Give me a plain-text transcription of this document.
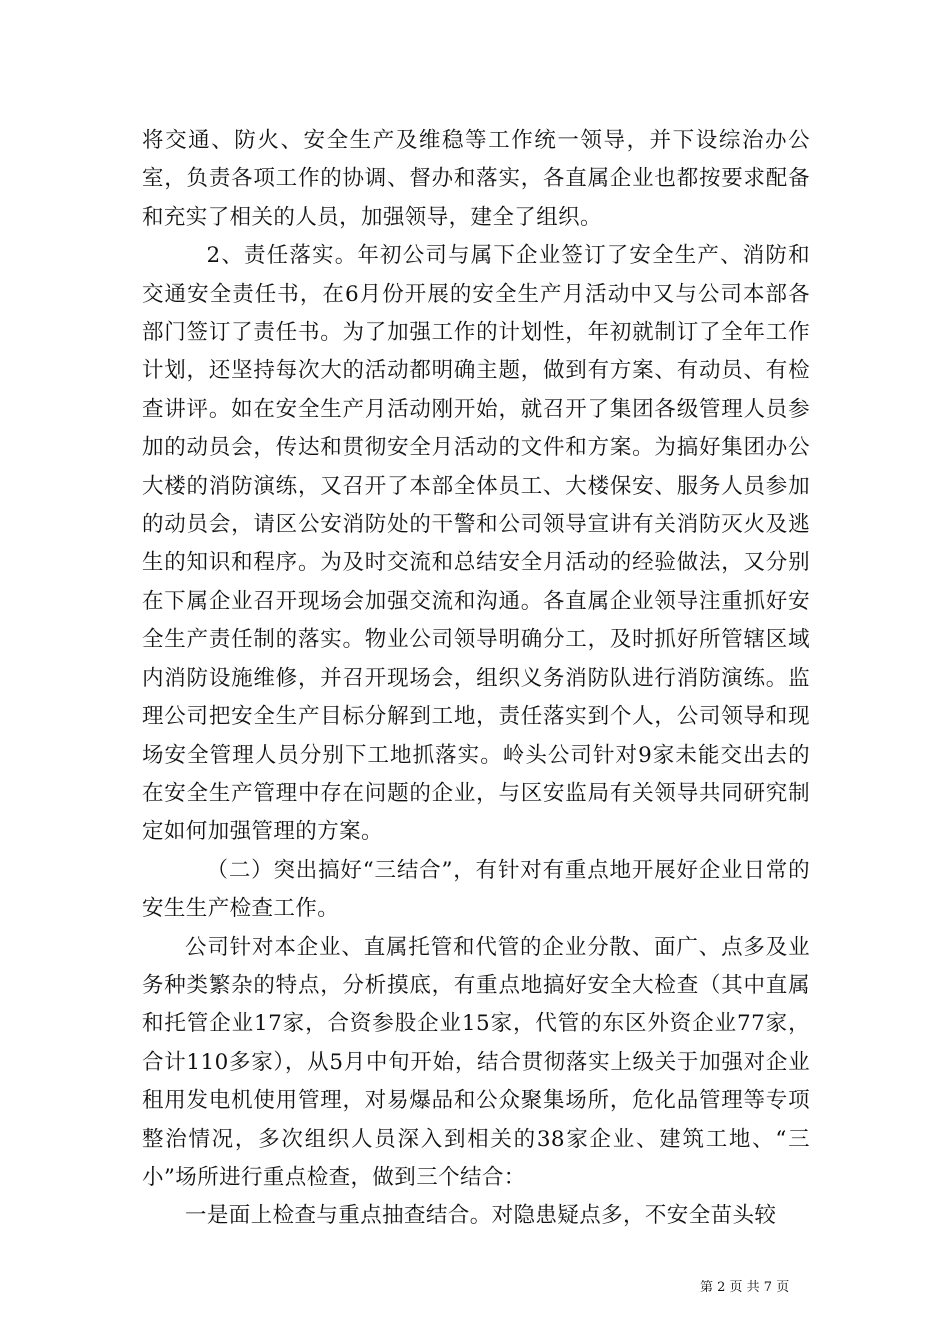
将交通、防火、安全生产及维稳等工作统一领导，并下设综治办公室，负责各项工作的协调、督办和落实，各直属企业也都按要求配备和充实了相关的人员，加强领导，建全了组织。

2、责任落实。年初公司与属下企业签订了安全生产、消防和交通安全责任书，在6月份开展的安全生产月活动中又与公司本部各部门签订了责任书。为了加强工作的计划性，年初就制订了全年工作计划，还坚持每次大的活动都明确主题，做到有方案、有动员、有检查讲评。如在安全生产月活动刚开始，就召开了集团各级管理人员参加的动员会，传达和贯彻安全月活动的文件和方案。为搞好集团办公大楼的消防演练，又召开了本部全体员工、大楼保安、服务人员参加的动员会，请区公安消防处的干警和公司领导宣讲有关消防灭火及逃生的知识和程序。为及时交流和总结安全月活动的经验做法，又分别在下属企业召开现场会加强交流和沟通。各直属企业领导注重抓好安全生产责任制的落实。物业公司领导明确分工，及时抓好所管辖区域内消防设施维修，并召开现场会，组织义务消防队进行消防演练。监理公司把安全生产目标分解到工地，责任落实到个人，公司领导和现场安全管理人员分别下工地抓落实。岭头公司针对9家未能交出去的在安全生产管理中存在问题的企业，与区安监局有关领导共同研究制定如何加强管理的方案。

（二）突出搞好“三结合”，有针对有重点地开展好企业日常的安生生产检查工作。

公司针对本企业、直属托管和代管的企业分散、面广、点多及业务种类繁杂的特点，分析摸底，有重点地搞好安全大检查（其中直属和托管企业17家，合资参股企业15家，代管的东区外资企业77家，合计110多家），从5月中旬开始，结合贯彻落实上级关于加强对企业租用发电机使用管理，对易爆品和公众聚集场所，危化品管理等专项整治情况，多次组织人员深入到相关的38家企业、建筑工地、“三小”场所进行重点检查，做到三个结合：

一是面上检查与重点抽查结合。对隐患疑点多，不安全苗头较

第 2 页 共 7 页
